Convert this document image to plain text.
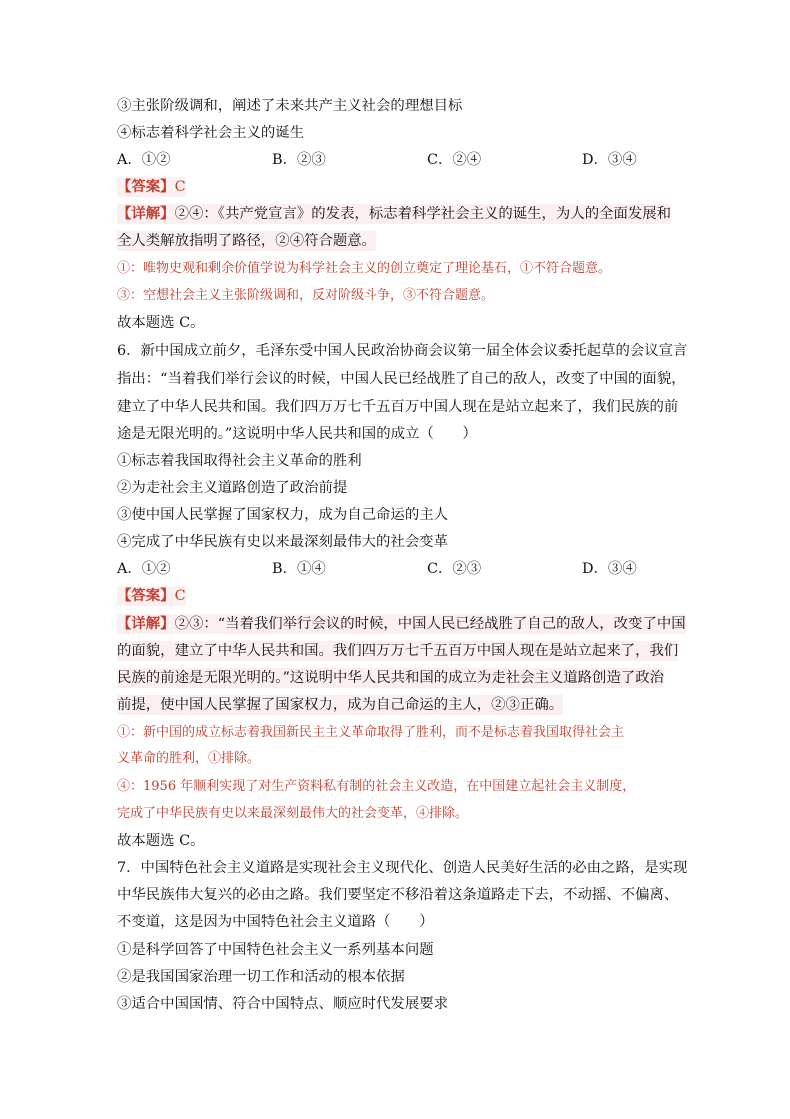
③主张阶级调和，阐述了未来共产主义社会的理想目标
④标志着科学社会主义的诞生
A．①②	B．②③	C．②④	D．③④
【答案】C
【详解】②④：《共产党宣言》的发表，标志着科学社会主义的诞生，为人的全面发展和
全人类解放指明了路径，②④符合题意。
①：唯物史观和剩余价值学说为科学社会主义的创立奠定了理论基石，①不符合题意。
③：空想社会主义主张阶级调和，反对阶级斗争，③不符合题意。
故本题选 C。
6．新中国成立前夕，毛泽东受中国人民政治协商会议第一届全体会议委托起草的会议宣言
指出：“当着我们举行会议的时候，中国人民已经战胜了自己的敌人，改变了中国的面貌，
建立了中华人民共和国。我们四万万七千五百万中国人现在是站立起来了，我们民族的前
途是无限光明的。”这说明中华人民共和国的成立（　　）
①标志着我国取得社会主义革命的胜利
②为走社会主义道路创造了政治前提
③使中国人民掌握了国家权力，成为自己命运的主人
④完成了中华民族有史以来最深刻最伟大的社会变革
A．①②	B．①④	C．②③	D．③④
【答案】C
【详解】②③：“当着我们举行会议的时候，中国人民已经战胜了自己的敌人，改变了中国
的面貌，建立了中华人民共和国。我们四万万七千五百万中国人现在是站立起来了，我们
民族的前途是无限光明的。”这说明中华人民共和国的成立为走社会主义道路创造了政治
前提，使中国人民掌握了国家权力，成为自己命运的主人，②③正确。
①：新中国的成立标志着我国新民主主义革命取得了胜利，而不是标志着我国取得社会主
义革命的胜利，①排除。
④：1956 年顺利实现了对生产资料私有制的社会主义改造，在中国建立起社会主义制度，
完成了中华民族有史以来最深刻最伟大的社会变革，④排除。
故本题选 C。
7．中国特色社会主义道路是实现社会主义现代化、创造人民美好生活的必由之路，是实现
中华民族伟大复兴的必由之路。我们要坚定不移沿着这条道路走下去，不动摇、不偏离、
不变道，这是因为中国特色社会主义道路（　　）
①是科学回答了中国特色社会主义一系列基本问题
②是我国国家治理一切工作和活动的根本依据
③适合中国国情、符合中国特点、顺应时代发展要求
